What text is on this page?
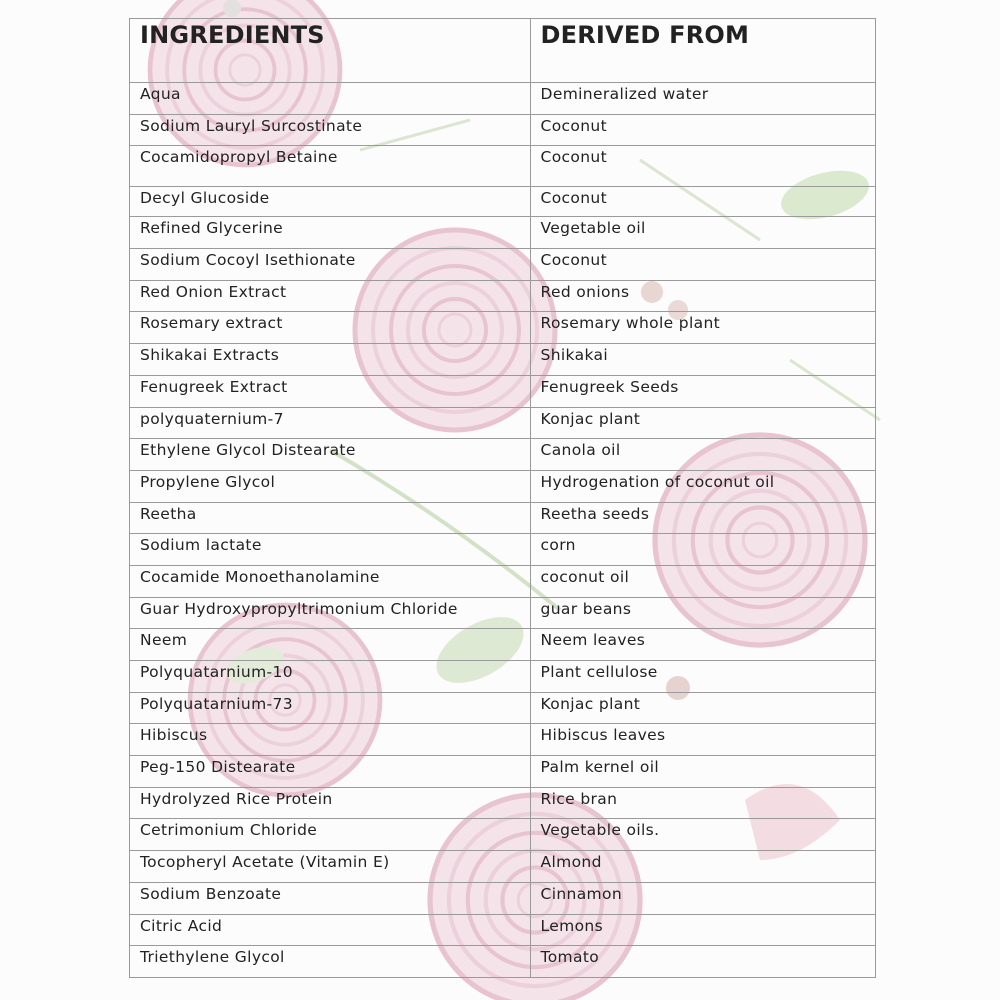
INGREDIENTS	DERIVED FROM
Aqua	Demineralized water
Sodium Lauryl Surcostinate	Coconut
Cocamidopropyl Betaine	Coconut
Decyl Glucoside	Coconut
Refined Glycerine	Vegetable oil
Sodium Cocoyl Isethionate	Coconut
Red Onion Extract	Red onions
Rosemary extract	Rosemary whole plant
Shikakai Extracts	Shikakai
Fenugreek Extract	Fenugreek Seeds
polyquaternium-7	Konjac plant
Ethylene Glycol Distearate	Canola oil
Propylene Glycol	Hydrogenation of coconut oil
Reetha	Reetha seeds
Sodium lactate	corn
Cocamide Monoethanolamine	coconut oil
Guar Hydroxypropyltrimonium Chloride	guar beans
Neem	Neem leaves
Polyquatarnium-10	Plant cellulose
Polyquatarnium-73	Konjac plant
Hibiscus	Hibiscus leaves
Peg-150 Distearate	Palm kernel oil
Hydrolyzed Rice Protein	Rice bran
Cetrimonium Chloride	Vegetable oils.
Tocopheryl Acetate (Vitamin E)	Almond
Sodium Benzoate	Cinnamon
Citric Acid	Lemons
Triethylene Glycol	Tomato
